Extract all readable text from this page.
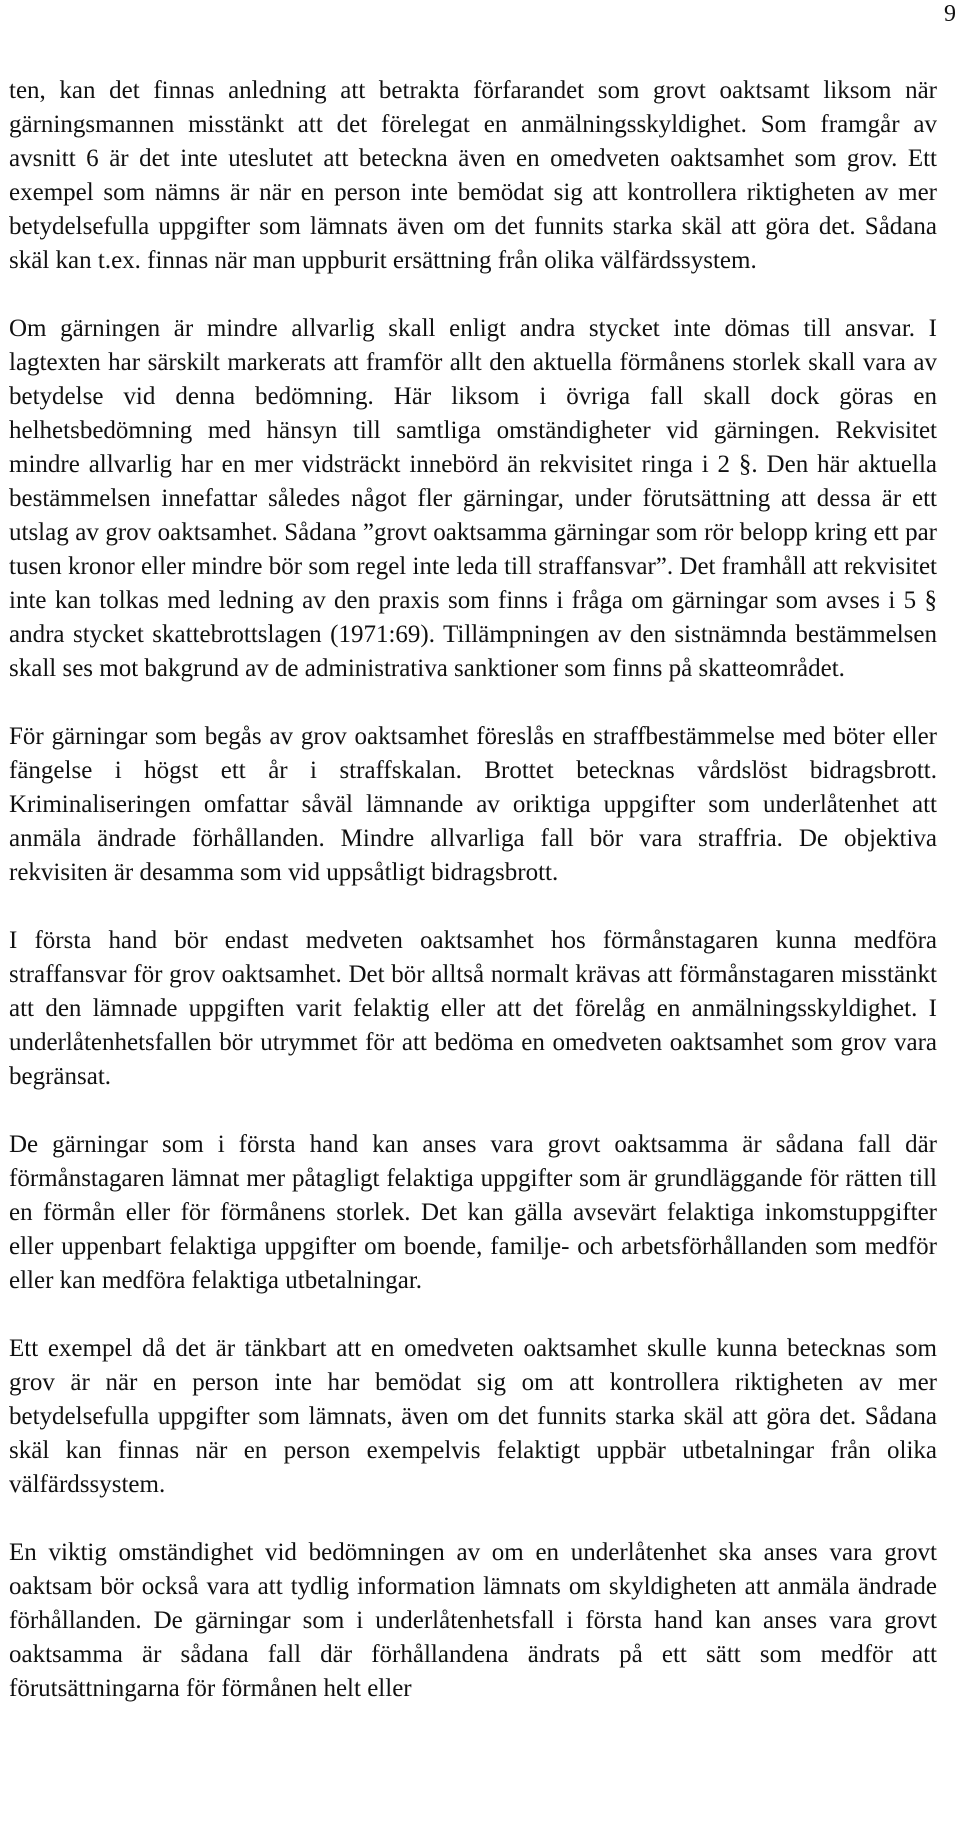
9

ten, kan det finnas anledning att betrakta förfarandet som grovt oaktsamt liksom när gärningsmannen misstänkt att det förelegat en anmälningsskyldighet. Som framgår av avsnitt 6 är det inte uteslutet att beteckna även en omedveten oaktsamhet som grov. Ett exempel som nämns är när en person inte bemödat sig att kontrollera riktigheten av mer betydelsefulla uppgifter som lämnats även om det funnits starka skäl att göra det. Sådana skäl kan t.ex. finnas när man uppburit ersättning från olika välfärdssystem.

Om gärningen är mindre allvarlig skall enligt andra stycket inte dömas till ansvar. I lagtexten har särskilt markerats att framför allt den aktuella förmånens storlek skall vara av betydelse vid denna bedömning. Här liksom i övriga fall skall dock göras en helhetsbedömning med hänsyn till samtliga omständigheter vid gärningen. Rekvisitet mindre allvarlig har en mer vidsträckt innebörd än rekvisitet ringa i 2 §. Den här aktuella bestämmelsen innefattar således något fler gärningar, under förutsättning att dessa är ett utslag av grov oaktsamhet. Sådana ”grovt oaktsamma gärningar som rör belopp kring ett par tusen kronor eller mindre bör som regel inte leda till straffansvar”. Det framhåll att rekvisitet inte kan tolkas med ledning av den praxis som finns i fråga om gärningar som avses i 5 § andra stycket skattebrottslagen (1971:69). Tillämpningen av den sistnämnda bestämmelsen skall ses mot bakgrund av de administrativa sanktioner som finns på skatteområdet.

För gärningar som begås av grov oaktsamhet föreslås en straffbestämmelse med böter eller fängelse i högst ett år i straffskalan. Brottet betecknas vårdslöst bidragsbrott. Kriminaliseringen omfattar såväl lämnande av oriktiga uppgifter som underlåtenhet att anmäla ändrade förhållanden. Mindre allvarliga fall bör vara straffria. De objektiva rekvisiten är desamma som vid uppsåtligt bidragsbrott.

I första hand bör endast medveten oaktsamhet hos förmånstagaren kunna medföra straffansvar för grov oaktsamhet. Det bör alltså normalt krävas att förmånstagaren misstänkt att den lämnade uppgiften varit felaktig eller att det förelåg en anmälningsskyldighet. I underlåtenhetsfallen bör utrymmet för att bedöma en omedveten oaktsamhet som grov vara begränsat.

De gärningar som i första hand kan anses vara grovt oaktsamma är sådana fall där förmånstagaren lämnat mer påtagligt felaktiga uppgifter som är grundläggande för rätten till en förmån eller för förmånens storlek. Det kan gälla avsevärt felaktiga inkomstuppgifter eller uppenbart felaktiga uppgifter om boende, familje- och arbetsförhållanden som medför eller kan medföra felaktiga utbetalningar.

Ett exempel då det är tänkbart att en omedveten oaktsamhet skulle kunna betecknas som grov är när en person inte har bemödat sig om att kontrollera riktigheten av mer betydelsefulla uppgifter som lämnats, även om det funnits starka skäl att göra det. Sådana skäl kan finnas när en person exempelvis felaktigt uppbär utbetalningar från olika välfärdssystem.

En viktig omständighet vid bedömningen av om en underlåtenhet ska anses vara grovt oaktsam bör också vara att tydlig information lämnats om skyldigheten att anmäla ändrade förhållanden. De gärningar som i underlåtenhetsfall i första hand kan anses vara grovt oaktsamma är sådana fall där förhållandena ändrats på ett sätt som medför att förutsättningarna för förmånen helt eller
